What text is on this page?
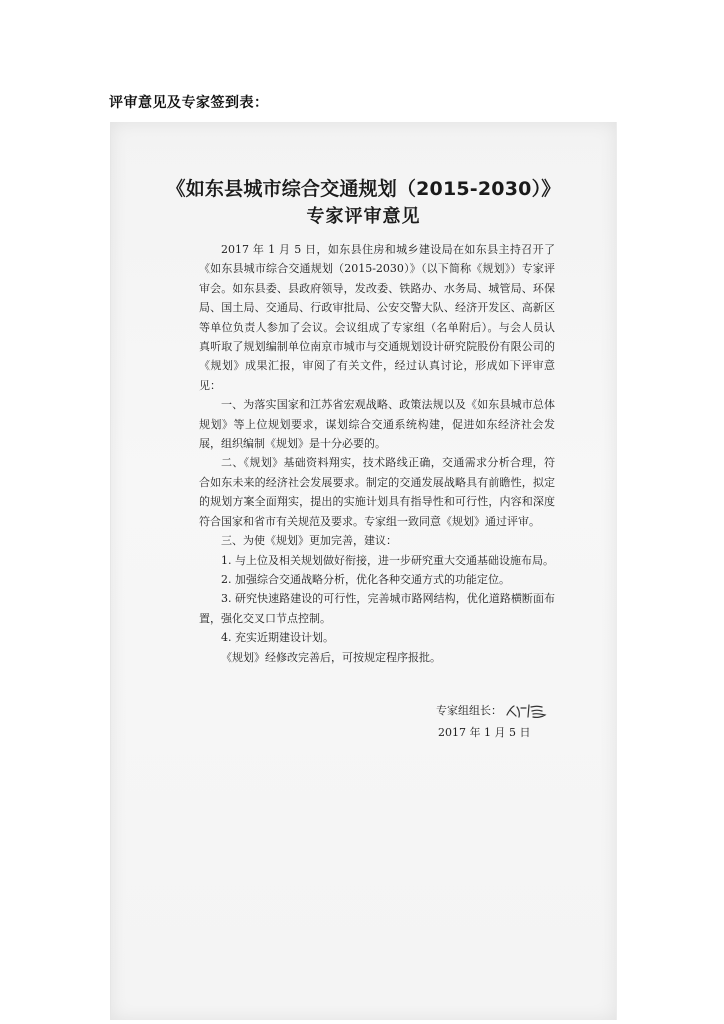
评审意见及专家签到表：
《如东县城市综合交通规划（2015-2030）》
专家评审意见

2017 年 1 月 5 日，如东县住房和城乡建设局在如东县主持召开了《如东县城市综合交通规划（2015-2030）》（以下简称《规划》）专家评审会。如东县委、县政府领导，发改委、铁路办、水务局、城管局、环保局、国土局、交通局、行政审批局、公安交警大队、经济开发区、高新区等单位负责人参加了会议。会议组成了专家组（名单附后）。与会人员认真听取了规划编制单位南京市城市与交通规划设计研究院股份有限公司的《规划》成果汇报，审阅了有关文件，经过认真讨论，形成如下评审意见：

一、为落实国家和江苏省宏观战略、政策法规以及《如东县城市总体规划》等上位规划要求，谋划综合交通系统构建，促进如东经济社会发展，组织编制《规划》是十分必要的。

二、《规划》基础资料翔实，技术路线正确，交通需求分析合理，符合如东未来的经济社会发展要求。制定的交通发展战略具有前瞻性，拟定的规划方案全面翔实，提出的实施计划具有指导性和可行性，内容和深度符合国家和省市有关规范及要求。专家组一致同意《规划》通过评审。

三、为使《规划》更加完善，建议：

1. 与上位及相关规划做好衔接，进一步研究重大交通基础设施布局。

2. 加强综合交通战略分析，优化各种交通方式的功能定位。

3. 研究快速路建设的可行性，完善城市路网结构，优化道路横断面布置，强化交叉口节点控制。

4. 充实近期建设计划。

《规划》经修改完善后，可按规定程序报批。

专家组组长：
2017 年 1 月 5 日
